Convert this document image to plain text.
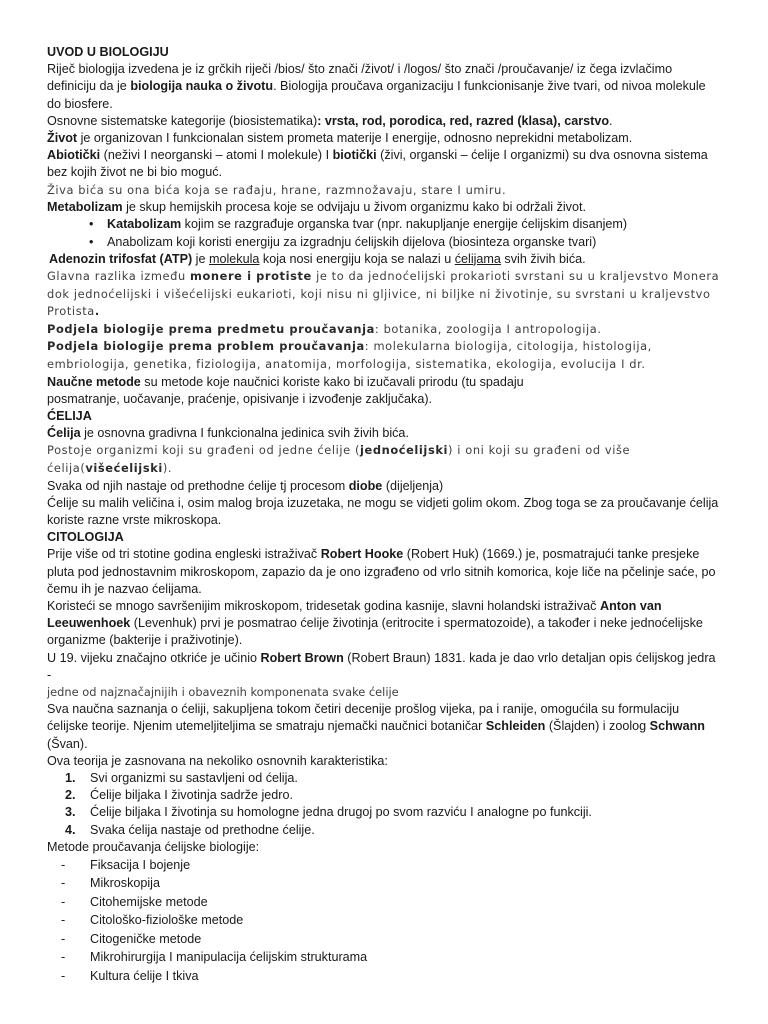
UVOD U BIOLOGIJU

Riječ biologija izvedena je iz grčkih riječi /bios/ što znači /život/ i /logos/ što znači /proučavanje/ iz čega izvlačimo definiciju da je biologija nauka o životu. Biologija proučava organizaciju I funkcionisanje žive tvari, od nivoa molekule do biosfere.

Osnovne sistematske kategorije (biosistematika): vrsta, rod, porodica, red, razred (klasa), carstvo.

Život je organizovan I funkcionalan sistem prometa materije I energije, odnosno neprekidni metabolizam.

Abiotički (neživi I neorganski – atomi I molekule) I biotički (živi, organski – ćelije I organizmi) su dva osnovna sistema bez kojih život ne bi bio moguć.

Živa bića su ona bića koja se rađaju, hrane, razmnožavaju, stare I umiru.

Metabolizam je skup hemijskih procesa koje se odvijaju u živom organizmu kako bi održali život.

• Katabolizam kojim se razgrađuje organska tvar (npr. nakupljanje energije ćelijskim disanjem)
• Anabolizam koji koristi energiju za izgradnju ćelijskih dijelova (biosinteza organske tvari)

Adenozin trifosfat (ATP) je molekula koja nosi energiju koja se nalazi u ćelijama svih živih bića.

Glavna razlika između monere i protiste je to da jednoćelijski prokarioti svrstani su u kraljevstvo Monera dok jednoćelijski i višećelijski eukarioti, koji nisu ni gljivice, ni biljke ni životinje, su svrstani u kraljevstvo Protista.

Podjela biologije prema predmetu proučavanja: botanika, zoologija I antropologija.

Podjela biologije prema problem proučavanja: molekularna biologija, citologija, histologija, embriologija, genetika, fiziologija, anatomija, morfologija, sistematika, ekologija, evolucija I dr.

Naučne metode su metode koje naučnici koriste kako bi izučavali prirodu (tu spadaju
posmatranje, uočavanje, praćenje, opisivanje i izvođenje zaključaka).

ĆELIJA

Ćelija je osnovna gradivna I funkcionalna jedinica svih živih bića.

Postoje organizmi koji su građeni od jedne ćelije (jednoćelijski) i oni koji su građeni od više ćelija(višećelijski).

Svaka od njih nastaje od prethodne ćelije tj procesom diobe (dijeljenja)

Ćelije su malih veličina i, osim malog broja izuzetaka, ne mogu se vidjeti golim okom. Zbog toga se za proučavanje ćelija koriste razne vrste mikroskopa.

CITOLOGIJA

Prije više od tri stotine godina engleski istraživač Robert Hooke (Robert Huk) (1669.) je, posmatrajući tanke presjeke pluta pod jednostavnim mikroskopom, zapazio da je ono izgrađeno od vrlo sitnih komorica, koje liče na pčelinje saće, po čemu ih je nazvao ćelijama.

Koristeći se mnogo savršenijim mikroskopom, tridesetak godina kasnije, slavni holandski istraživač Anton van Leeuwenhoek (Levenhuk) prvi je posmatrao ćelije životinja (eritrocite i spermatozoide), a također i neke jednoćelijske organizme (bakterije i praživotinje).

U 19. vijeku značajno otkriće je učinio Robert Brown (Robert Braun) 1831. kada je dao vrlo detaljan opis ćelijskog jedra -
jedne od najznačajnijih i obaveznih komponenata svake ćelije

Sva naučna saznanja o ćeliji, sakupljena tokom četiri decenije prošlog vijeka, pa i ranije, omogućila su formulaciju ćelijske teorije. Njenim utemeljiteljima se smatraju njemački naučnici botaničar Schleiden (Šlajden) i zoolog Schwann (Švan).

Ova teorija je zasnovana na nekoliko osnovnih karakteristika:

1. Svi organizmi su sastavljeni od ćelija.
2. Ćelije biljaka I životinja sadrže jedro.
3. Ćelije biljaka I životinja su homologne jedna drugoj po svom razviću I analogne po funkciji.
4. Svaka ćelija nastaje od prethodne ćelije.

Metode proučavanja ćelijske biologije:

- Fiksacija I bojenje
- Mikroskopija
- Citohemijske metode
- Citološko-fiziološke metode
- Citogeničke metode
- Mikrohirurgija I manipulacija ćelijskim strukturama
- Kultura ćelije I tkiva
